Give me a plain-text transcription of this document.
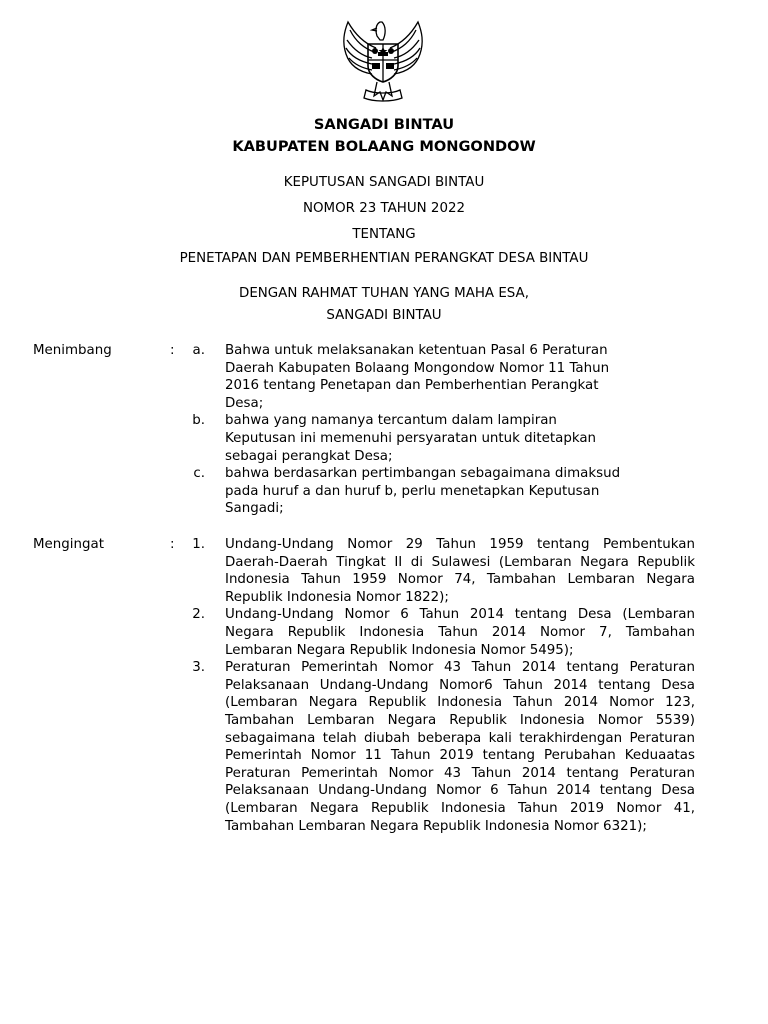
SANGADI BINTAU
KABUPATEN BOLAANG MONGONDOW
KEPUTUSAN SANGADI BINTAU
NOMOR 23 TAHUN 2022
TENTANG
PENETAPAN DAN PEMBERHENTIAN PERANGKAT DESA BINTAU
DENGAN RAHMAT TUHAN YANG MAHA ESA,
SANGADI BINTAU
Menimbang	:	a. Bahwa untuk melaksanakan ketentuan Pasal 6 Peraturan
Daerah Kabupaten Bolaang Mongondow Nomor 11 Tahun
2016 tentang Penetapan dan Pemberhentian Perangkat
Desa;
b. bahwa yang namanya tercantum dalam lampiran
Keputusan ini memenuhi persyaratan untuk ditetapkan
sebagai perangkat Desa;
c. bahwa berdasarkan pertimbangan sebagaimana dimaksud
pada huruf a dan huruf b, perlu menetapkan Keputusan
Sangadi;
Mengingat	:	1. Undang-Undang Nomor 29 Tahun 1959 tentang Pembentukan Daerah-Daerah Tingkat II di Sulawesi (Lembaran Negara Republik Indonesia Tahun 1959 Nomor 74, Tambahan Lembaran Negara Republik Indonesia Nomor 1822);
2. Undang-Undang Nomor 6 Tahun 2014 tentang Desa (Lembaran Negara Republik Indonesia Tahun 2014 Nomor 7, Tambahan Lembaran Negara Republik Indonesia Nomor 5495);
3. Peraturan Pemerintah Nomor 43 Tahun 2014 tentang Peraturan Pelaksanaan Undang-Undang Nomor6 Tahun 2014 tentang Desa (Lembaran Negara Republik Indonesia Tahun 2014 Nomor 123, Tambahan Lembaran Negara Republik Indonesia Nomor 5539) sebagaimana telah diubah beberapa kali terakhirdengan Peraturan Pemerintah Nomor 11 Tahun 2019 tentang Perubahan Keduaatas Peraturan Pemerintah Nomor 43 Tahun 2014 tentang Peraturan Pelaksanaan Undang-Undang Nomor 6 Tahun 2014 tentang Desa (Lembaran Negara Republik Indonesia Tahun 2019 Nomor 41, Tambahan Lembaran Negara Republik Indonesia Nomor 6321);
